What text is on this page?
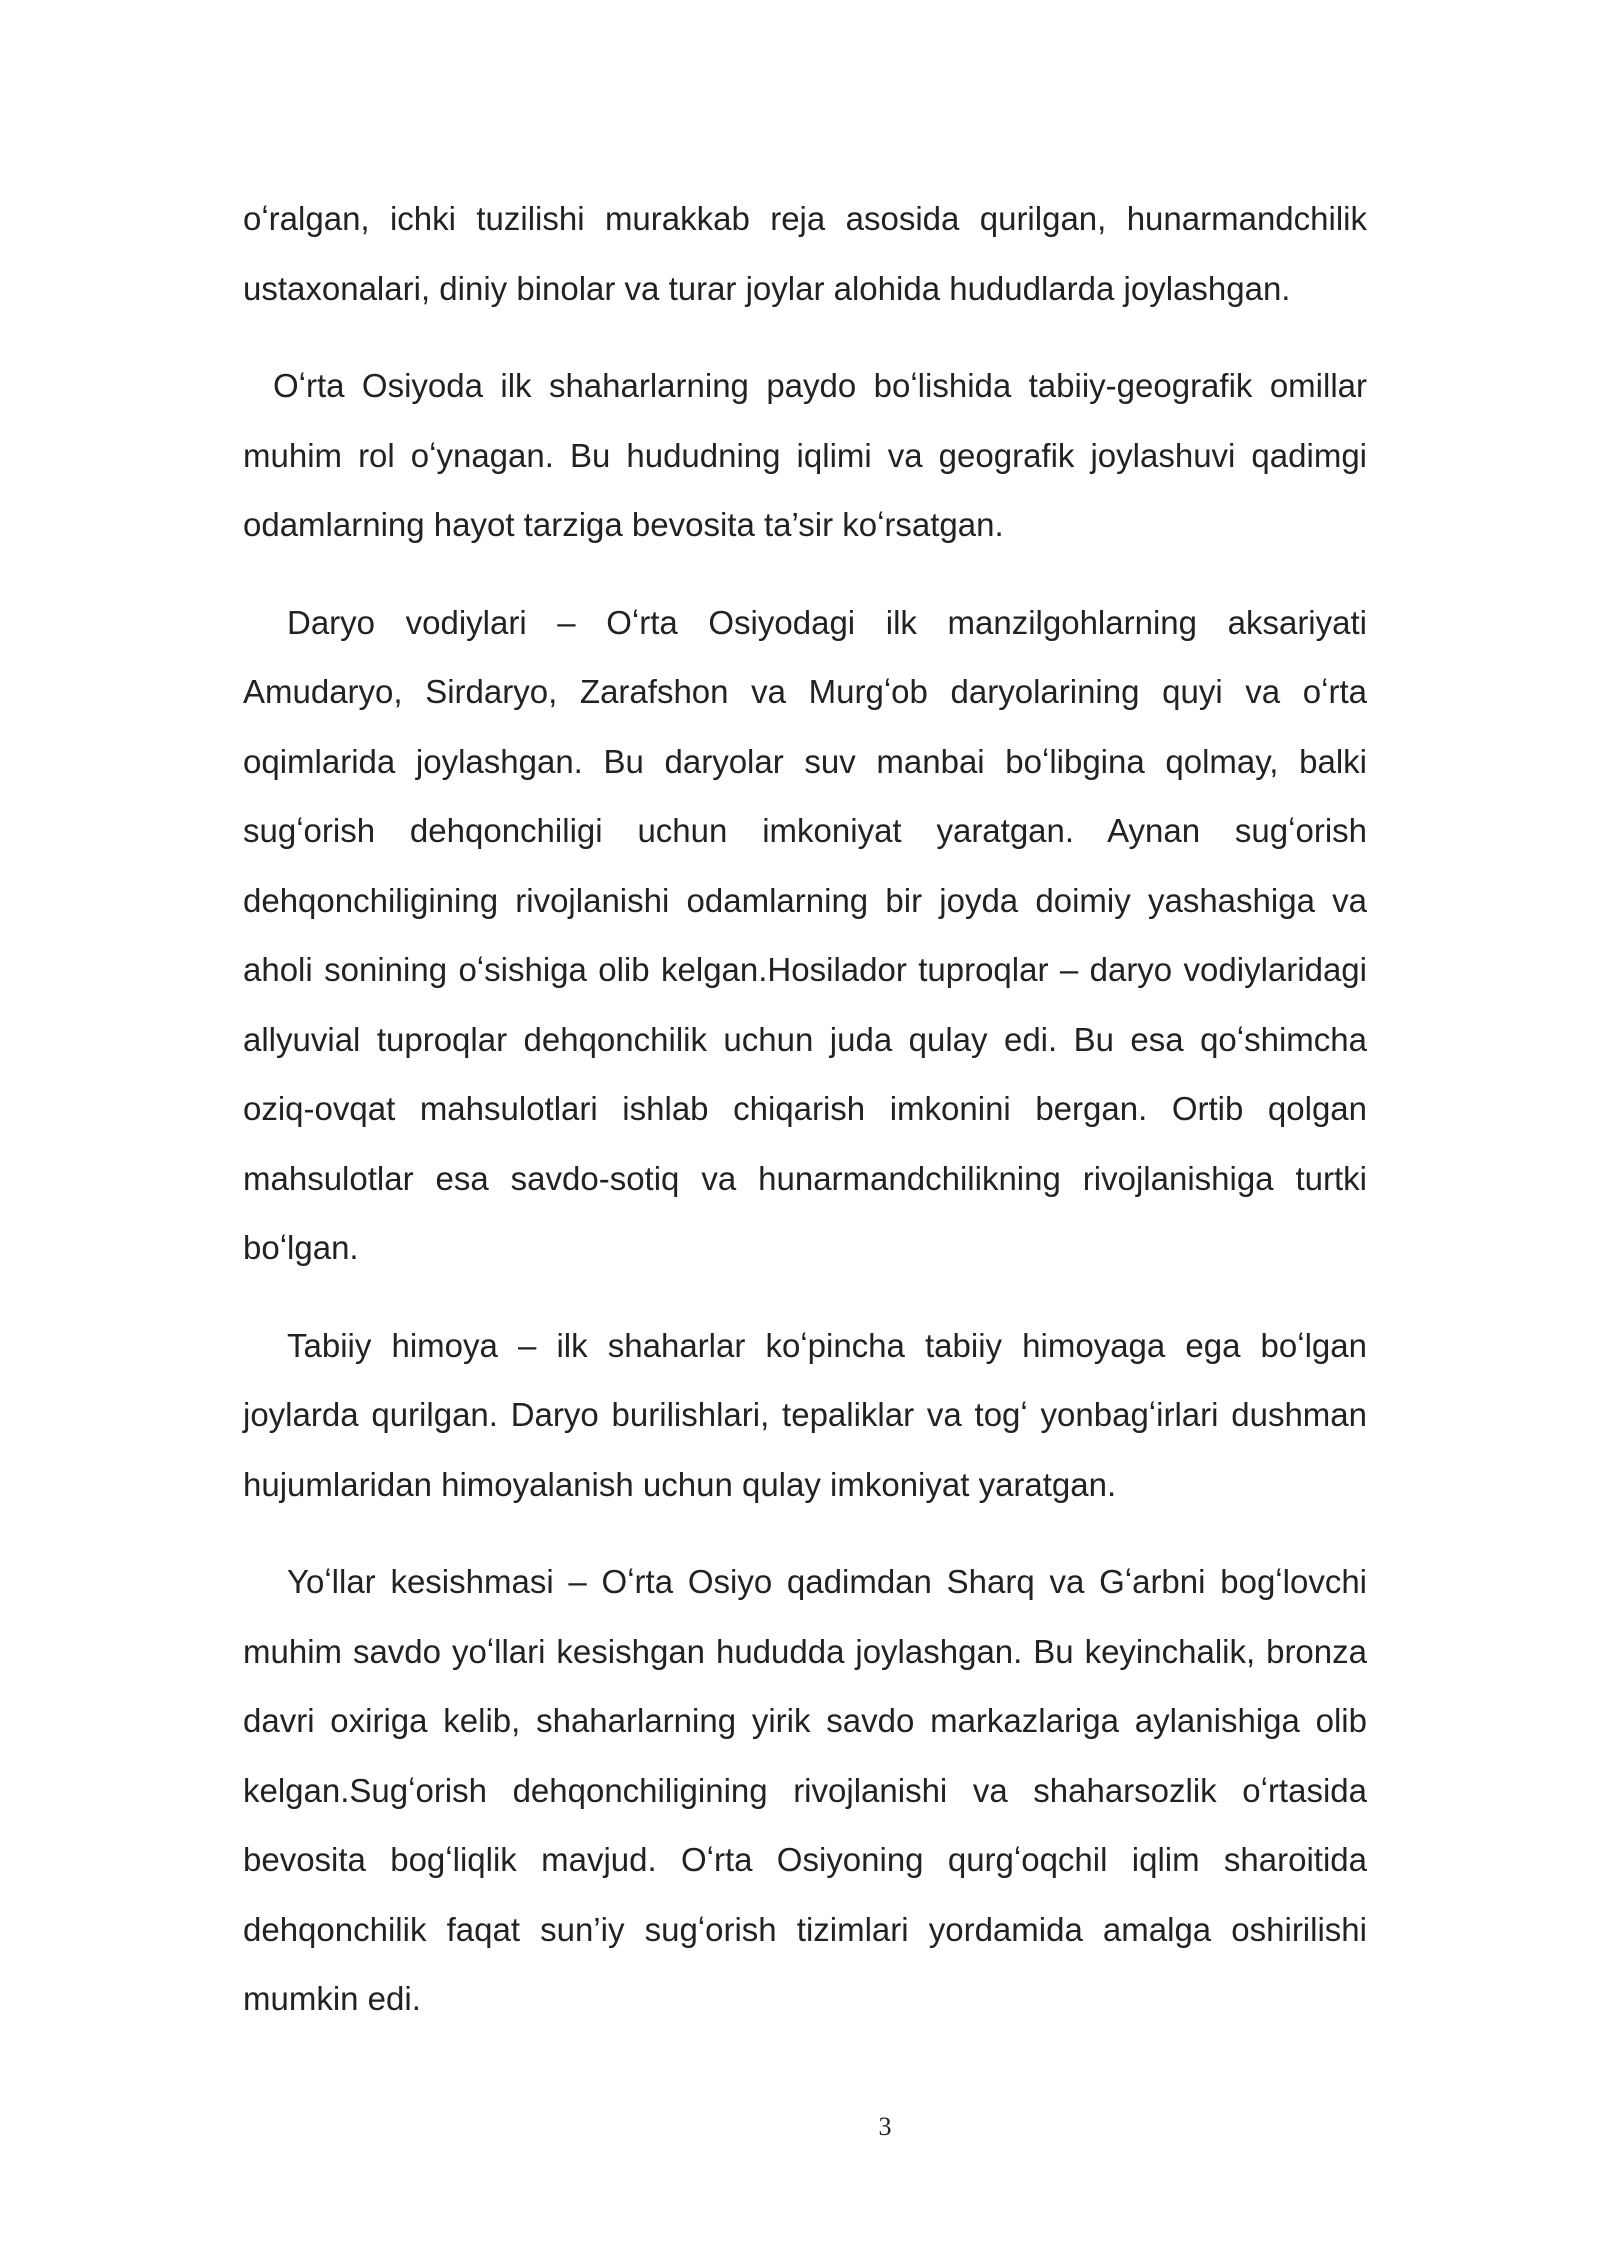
oʻralgan, ichki tuzilishi murakkab reja asosida qurilgan, hunarmandchilik ustaxonalari, diniy binolar va turar joylar alohida hududlarda joylashgan.

Oʻrta Osiyoda ilk shaharlarning paydo boʻlishida tabiiy-geografik omillar muhim rol oʻynagan. Bu hududning iqlimi va geografik joylashuvi qadimgi odamlarning hayot tarziga bevosita ta’sir koʻrsatgan.

Daryo vodiylari – Oʻrta Osiyodagi ilk manzilgohlarning aksariyati Amudaryo, Sirdaryo, Zarafshon va Murgʻob daryolarining quyi va oʻrta oqimlarida joylashgan. Bu daryolar suv manbai boʻlibgina qolmay, balki sugʻorish dehqonchiligi uchun imkoniyat yaratgan. Aynan sugʻorish dehqonchiligining rivojlanishi odamlarning bir joyda doimiy yashashiga va aholi sonining oʻsishiga olib kelgan.Hosilador tuproqlar – daryo vodiylaridagi allyuvial tuproqlar dehqonchilik uchun juda qulay edi. Bu esa qoʻshimcha oziq-ovqat mahsulotlari ishlab chiqarish imkonini bergan. Ortib qolgan mahsulotlar esa savdo-sotiq va hunarmandchilikning rivojlanishiga turtki boʻlgan.

Tabiiy himoya – ilk shaharlar koʻpincha tabiiy himoyaga ega boʻlgan joylarda qurilgan. Daryo burilishlari, tepaliklar va togʻ yonbagʻirlari dushman hujumlaridan himoyalanish uchun qulay imkoniyat yaratgan.

Yoʻllar kesishmasi – Oʻrta Osiyo qadimdan Sharq va Gʻarbni bogʻlovchi muhim savdo yoʻllari kesishgan hududda joylashgan. Bu keyinchalik, bronza davri oxiriga kelib, shaharlarning yirik savdo markazlariga aylanishiga olib kelgan.Sugʻorish dehqonchiligining rivojlanishi va shaharsozlik oʻrtasida bevosita bogʻliqlik mavjud. Oʻrta Osiyoning qurgʻoqchil iqlim sharoitida dehqonchilik faqat sun’iy sugʻorish tizimlari yordamida amalga oshirilishi mumkin edi.

3
